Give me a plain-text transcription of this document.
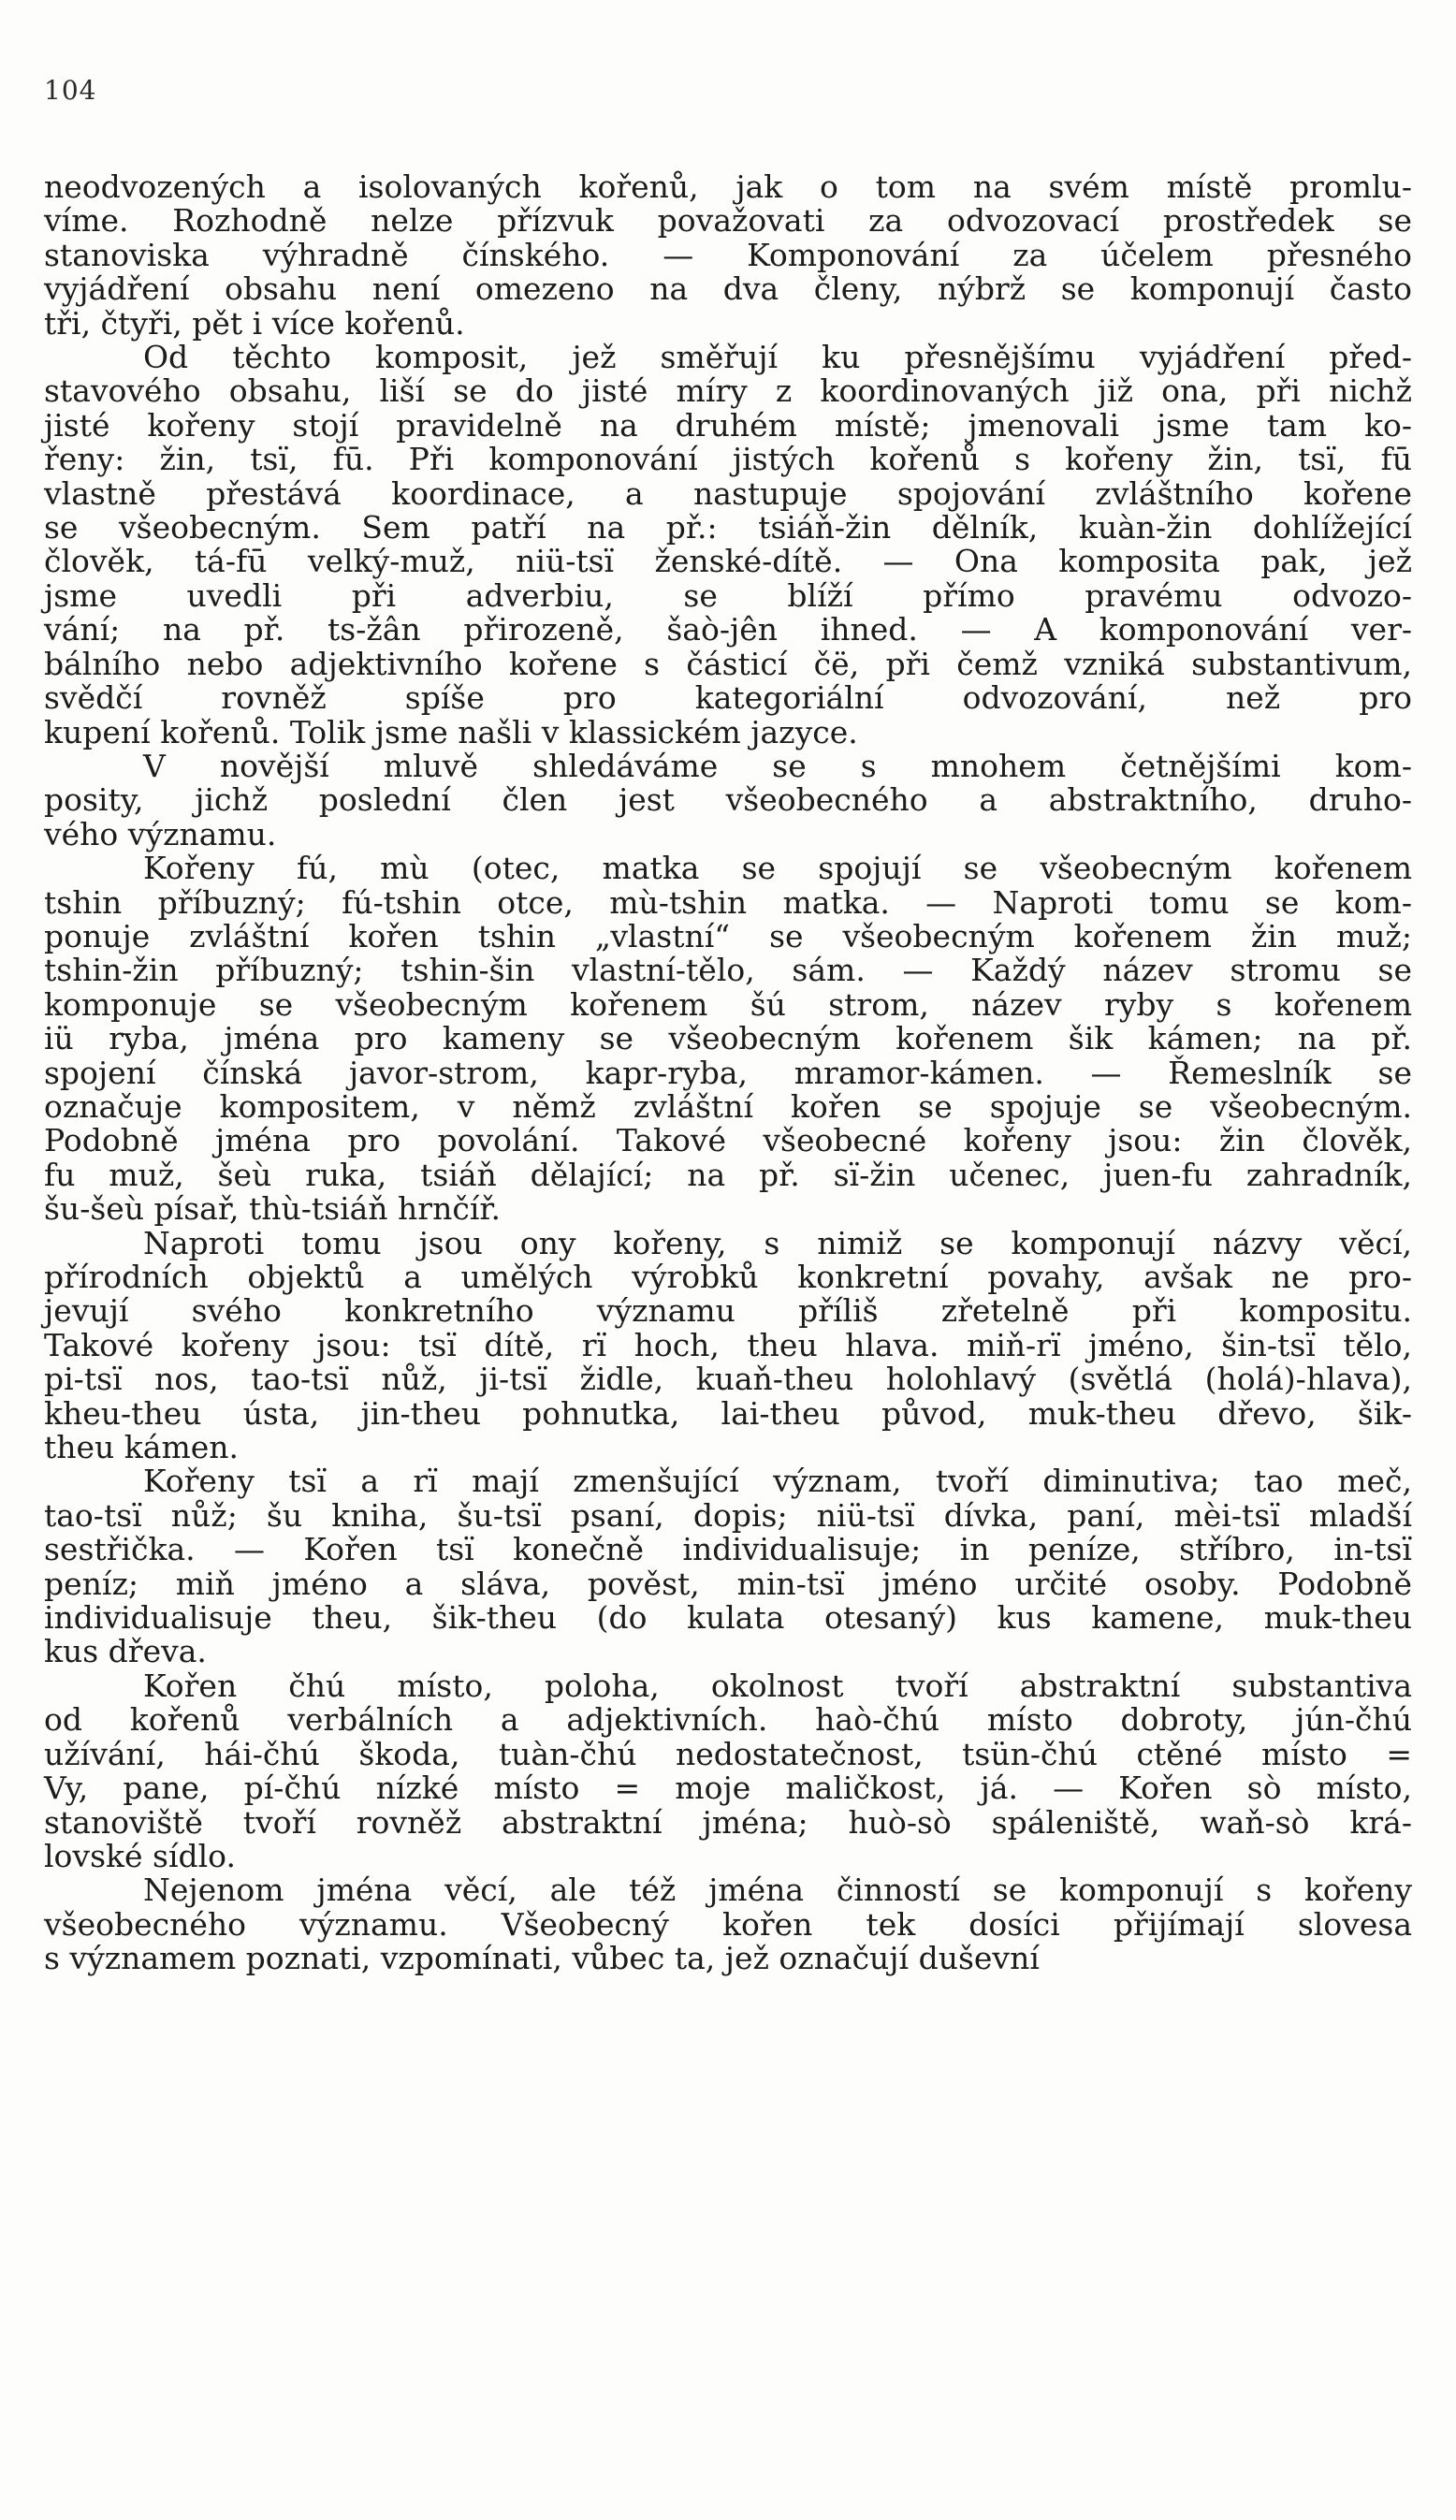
104

neodvozených a isolovaných kořenů, jak o tom na svém místě promlu-
víme. Rozhodně nelze přízvuk považovati za odvozovací prostředek se
stanoviska výhradně čínského. — Komponování za účelem přesného
vyjádření obsahu není omezeno na dva členy, nýbrž se komponují často
tři, čtyři, pět i více kořenů.

Od těchto komposit, jež směřují ku přesnějšímu vyjádření před-
stavového obsahu, liší se do jisté míry z koordinovaných již ona, při nichž
jisté kořeny stojí pravidelně na druhém místě; jmenovali jsme tam ko-
řeny: žin, tsï, fū. Při komponování jistých kořenů s kořeny žin, tsï, fū
vlastně přestává koordinace, a nastupuje spojování zvláštního kořene
se všeobecným. Sem patří na př.: tsiáň-žin dělník, kuàn-žin dohlížející
člověk, tá-fū velký-muž, niü-tsï ženské-dítě. — Ona komposita pak, jež
jsme uvedli při adverbiu, se blíží přímo pravému odvozo-
vání; na př. ts-žân přirozeně, šaò-jên ihned. — A komponování ver-
bálního nebo adjektivního kořene s částicí čë, při čemž vzniká substantivum,
svědčí rovněž spíše pro kategoriální odvozování, než pro
kupení kořenů. Tolik jsme našli v klassickém jazyce.

V novější mluvě shledáváme se s mnohem četnějšími kom-
posity, jichž poslední člen jest všeobecného a abstraktního, druho-
vého významu.

Kořeny fú, mù (otec, matka se spojují se všeobecným kořenem
tshin příbuzný; fú-tshin otce, mù-tshin matka. — Naproti tomu se kom-
ponuje zvláštní kořen tshin „vlastní“ se všeobecným kořenem žin muž;
tshin-žin příbuzný; tshin-šin vlastní-tělo, sám. — Každý název stromu se
komponuje se všeobecným kořenem šú strom, název ryby s kořenem
iü ryba, jména pro kameny se všeobecným kořenem šik kámen; na př.
spojení čínská javor-strom, kapr-ryba, mramor-kámen. — Řemeslník se
označuje kompositem, v němž zvláštní kořen se spojuje se všeobecným.
Podobně jména pro povolání. Takové všeobecné kořeny jsou: žin člověk,
fu muž, šeù ruka, tsiáň dělající; na př. sï-žin učenec, juen-fu zahradník,
šu-šeù písař, thù-tsiáň hrnčíř.

Naproti tomu jsou ony kořeny, s nimiž se komponují názvy věcí,
přírodních objektů a umělých výrobků konkretní povahy, avšak ne pro-
jevují svého konkretního významu příliš zřetelně při kompositu.
Takové kořeny jsou: tsï dítě, rï hoch, theu hlava. miň-rï jméno, šin-tsï tělo,
pi-tsï nos, tao-tsï nůž, ji-tsï židle, kuaň-theu holohlavý (světlá (holá)-hlava),
kheu-theu ústa, jin-theu pohnutka, lai-theu původ, muk-theu dřevo, šik-
theu kámen.

Kořeny tsï a rï mají zmenšující význam, tvoří diminutiva; tao meč,
tao-tsï nůž; šu kniha, šu-tsï psaní, dopis; niü-tsï dívka, paní, mèi-tsï mladší
sestřička. — Kořen tsï konečně individualisuje; in peníze, stříbro, in-tsï
peníz; miň jméno a sláva, pověst, min-tsï jméno určité osoby. Podobně
individualisuje theu, šik-theu (do kulata otesaný) kus kamene, muk-theu
kus dřeva.

Kořen čhú místo, poloha, okolnost tvoří abstraktní substantiva
od kořenů verbálních a adjektivních. haò-čhú místo dobroty, jún-čhú
užívání, hái-čhú škoda, tuàn-čhú nedostatečnost, tsün-čhú ctěné místo =
Vy, pane, pí-čhú nízké místo = moje maličkost, já. — Kořen sò místo,
stanoviště tvoří rovněž abstraktní jména; huò-sò spáleniště, waň-sò krá-
lovské sídlo.

Nejenom jména věcí, ale též jména činností se komponují s kořeny
všeobecného významu. Všeobecný kořen tek dosíci přijímají slovesa
s významem poznati, vzpomínati, vůbec ta, jež označují duševní
